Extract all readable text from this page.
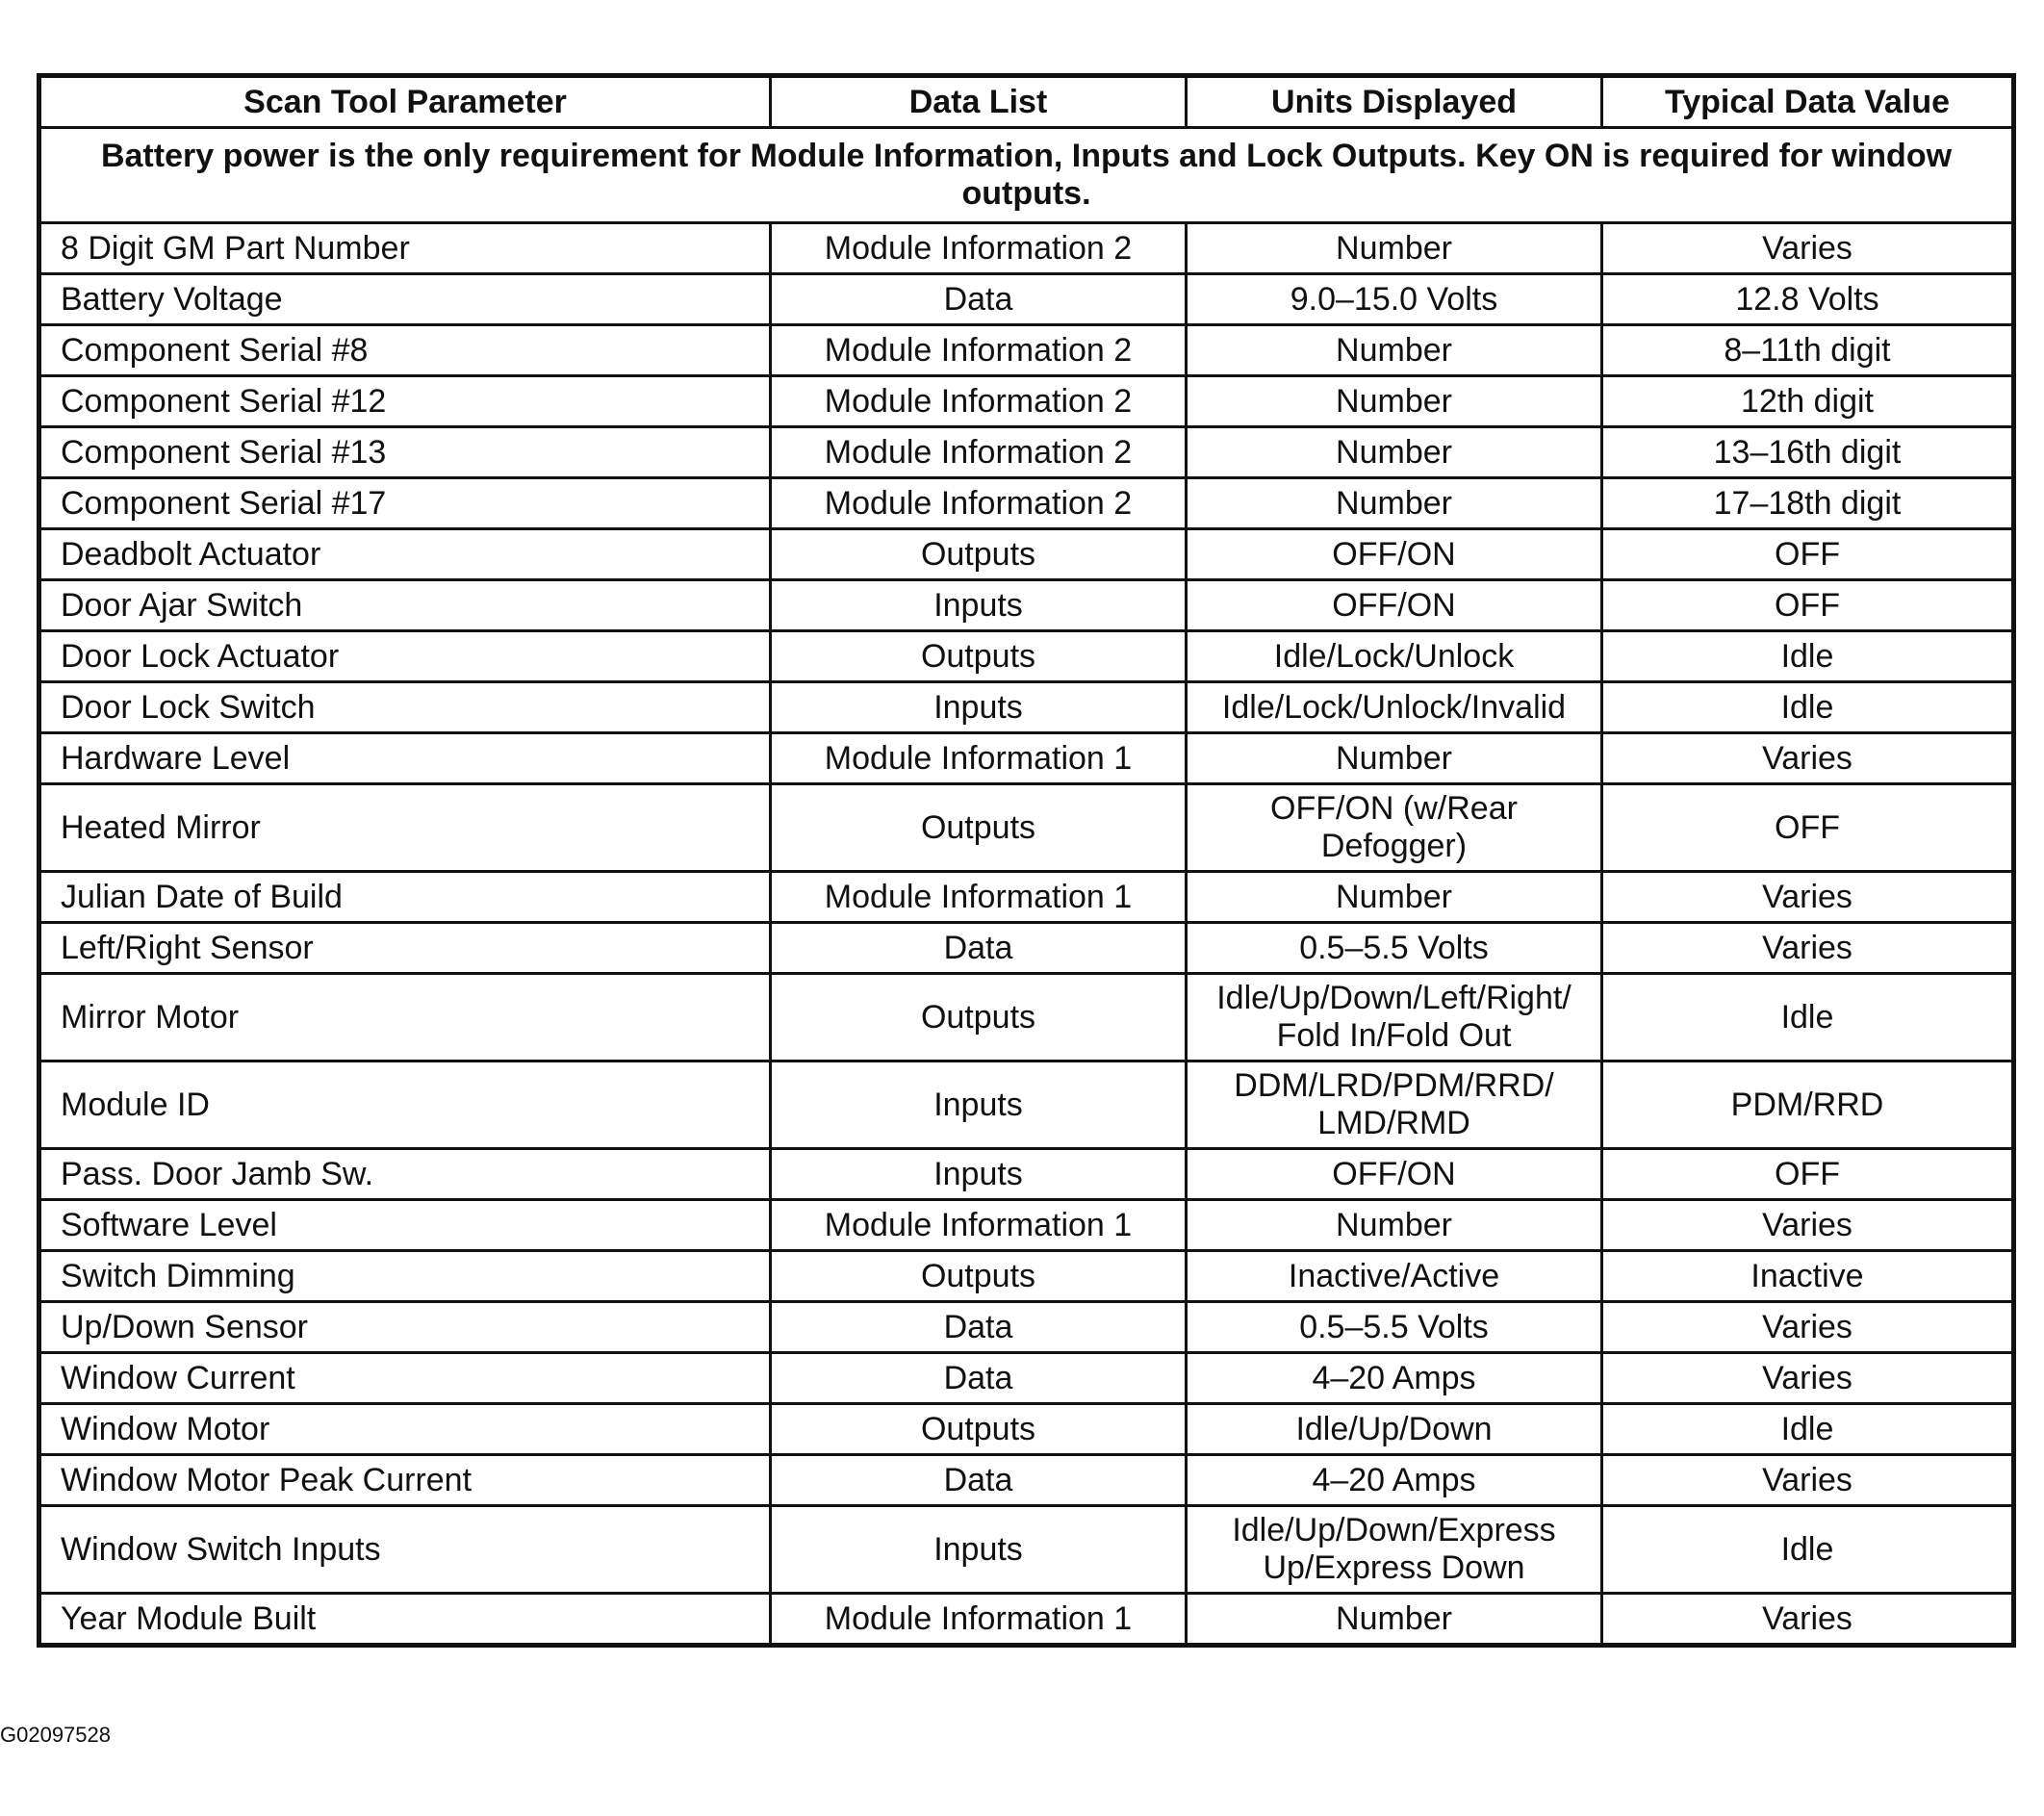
Scan Tool Parameter	Data List	Units Displayed	Typical Data Value
Battery power is the only requirement for Module Information, Inputs and Lock Outputs. Key ON is required for window outputs.			
8 Digit GM Part Number	Module Information 2	Number	Varies
Battery Voltage	Data	9.0–15.0 Volts	12.8 Volts
Component Serial #8	Module Information 2	Number	8–11th digit
Component Serial #12	Module Information 2	Number	12th digit
Component Serial #13	Module Information 2	Number	13–16th digit
Component Serial #17	Module Information 2	Number	17–18th digit
Deadbolt Actuator	Outputs	OFF/ON	OFF
Door Ajar Switch	Inputs	OFF/ON	OFF
Door Lock Actuator	Outputs	Idle/Lock/Unlock	Idle
Door Lock Switch	Inputs	Idle/Lock/Unlock/Invalid	Idle
Hardware Level	Module Information 1	Number	Varies
Heated Mirror	Outputs	OFF/ON (w/Rear Defogger)	OFF
Julian Date of Build	Module Information 1	Number	Varies
Left/Right Sensor	Data	0.5–5.5 Volts	Varies
Mirror Motor	Outputs	Idle/Up/Down/Left/Right/ Fold In/Fold Out	Idle
Module ID	Inputs	DDM/LRD/PDM/RRD/ LMD/RMD	PDM/RRD
Pass. Door Jamb Sw.	Inputs	OFF/ON	OFF
Software Level	Module Information 1	Number	Varies
Switch Dimming	Outputs	Inactive/Active	Inactive
Up/Down Sensor	Data	0.5–5.5 Volts	Varies
Window Current	Data	4–20 Amps	Varies
Window Motor	Outputs	Idle/Up/Down	Idle
Window Motor Peak Current	Data	4–20 Amps	Varies
Window Switch Inputs	Inputs	Idle/Up/Down/Express Up/Express Down	Idle
Year Module Built	Module Information 1	Number	Varies
G02097528
